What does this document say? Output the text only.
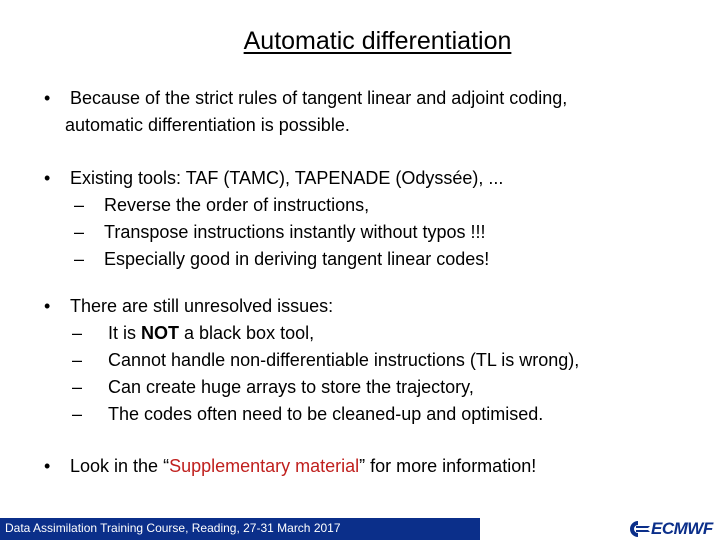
Automatic differentiation
•	Because of the strict rules of tangent linear and adjoint coding,
automatic differentiation is possible.
•	Existing tools: TAF (TAMC), TAPENADE (Odyssée), ...
–	Reverse the order of instructions,
–	Transpose instructions instantly without typos !!!
–	Especially good in deriving tangent linear codes!
•	There are still unresolved issues:
–	It is NOT a black box tool,
–	Cannot handle non-differentiable instructions (TL is wrong),
–	Can create huge arrays to store the trajectory,
–	The codes often need to be cleaned-up and optimised.
•	Look in the “Supplementary material” for more information!
Data Assimilation Training Course, Reading, 27-31 March 2017	ECMWF
